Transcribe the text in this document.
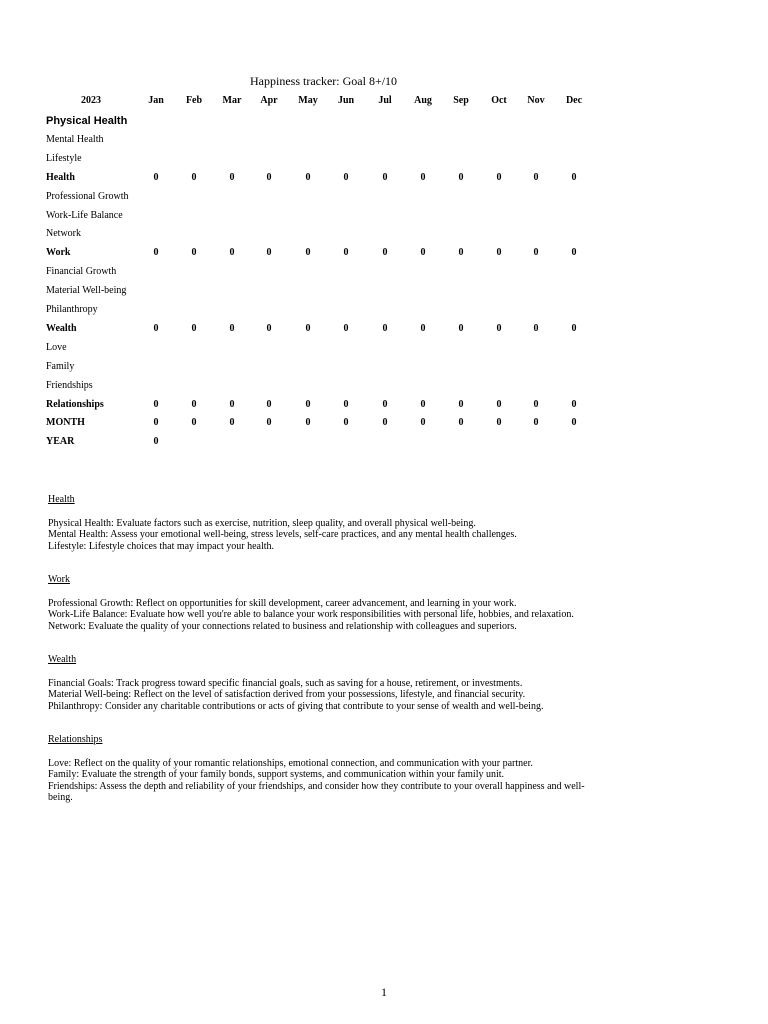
Happiness tracker: Goal 8+/10
2023	Jan	Feb	Mar	Apr	May	Jun	Jul	Aug	Sep	Oct	Nov	Dec
Physical Health
Mental Health
Lifestyle
Health	0	0	0	0	0	0	0	0	0	0	0	0
Professional Growth
Work-Life Balance
Network
Work	0	0	0	0	0	0	0	0	0	0	0	0
Financial Growth
Material Well-being
Philanthropy
Wealth	0	0	0	0	0	0	0	0	0	0	0	0
Love
Family
Friendships
Relationships	0	0	0	0	0	0	0	0	0	0	0	0
MONTH	0	0	0	0	0	0	0	0	0	0	0	0
YEAR	0
Health

Physical Health: Evaluate factors such as exercise, nutrition, sleep quality, and overall physical well-being.

Mental Health: Assess your emotional well-being, stress levels, self-care practices, and any mental health challenges.

Lifestyle: Lifestyle choices that may impact your health.

Work

Professional Growth: Reflect on opportunities for skill development, career advancement, and learning in your work.

Work-Life Balance: Evaluate how well you're able to balance your work responsibilities with personal life, hobbies, and relaxation.

Network: Evaluate the quality of your connections related to business and relationship with colleagues and superiors.

Wealth

Financial Goals: Track progress toward specific financial goals, such as saving for a house, retirement, or investments.

Material Well-being: Reflect on the level of satisfaction derived from your possessions, lifestyle, and financial security.

Philanthropy: Consider any charitable contributions or acts of giving that contribute to your sense of wealth and well-being.

Relationships

Love: Reflect on the quality of your romantic relationships, emotional connection, and communication with your partner.

Family: Evaluate the strength of your family bonds, support systems, and communication within your family unit.

Friendships: Assess the depth and reliability of your friendships, and consider how they contribute to your overall happiness and well-being.

1
